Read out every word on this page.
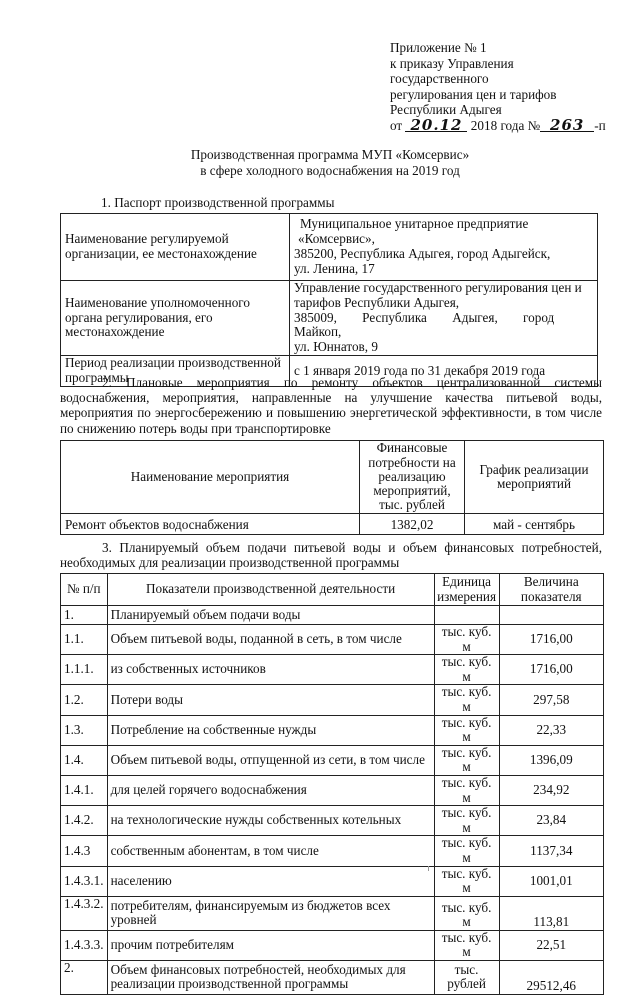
Приложение № 1
к приказу Управления
государственного
регулирования цен и тарифов
Республики Адыгея
от 20.12 2018 года № 263 -п
Производственная программа МУП «Комсервис»
в сфере холодного водоснабжения на 2019 год
1. Паспорт производственной программы
Наименование регулируемой организации, ее местонахождение	Муниципальное унитарное предприятие
«Комсервис»,
385200, Республика Адыгея, город Адыгейск,
ул. Ленина, 17

Наименование уполномоченного органа регулирования, его местонахождение	Управление государственного регулирования цен и
тарифов Республики Адыгея,
385009, Республика Адыгея, город Майкоп,
ул. Юннатов, 9

Период реализации производственной программы	с 1 января 2019 года по 31 декабря 2019 года
2. Плановые мероприятия по ремонту объектов централизованной системы водоснабжения, мероприятия, направленные на улучшение качества питьевой воды, мероприятия по энергосбережению и повышению энергетической эффективности, в том числе по снижению потерь воды при транспортировке
Наименование мероприятия	Финансовые потребности на реализацию мероприятий, тыс. рублей	График реализации мероприятий
Ремонт объектов водоснабжения	1382,02	май - сентябрь
3. Планируемый объем подачи питьевой воды и объем финансовых потребностей, необходимых для реализации производственной программы
№ п/п	Показатели производственной деятельности	Единица измерения	Величина показателя
1.	Планируемый объем подачи воды		
1.1.	Объем питьевой воды, поданной в сеть, в том числе	тыс. куб. м	1716,00
1.1.1.	из собственных источников	тыс. куб. м	1716,00
1.2.	Потери воды	тыс. куб. м	297,58
1.3.	Потребление на собственные нужды	тыс. куб. м	22,33
1.4.	Объем питьевой воды, отпущенной из сети, в том числе	тыс. куб. м	1396,09
1.4.1.	для целей горячего водоснабжения	тыс. куб. м	234,92
1.4.2.	на технологические нужды собственных котельных	тыс. куб. м	23,84
1.4.3	собственным абонентам, в том числе	тыс. куб. м	1137,34
1.4.3.1.	населению	тыс. куб. м	1001,01
1.4.3.2.	потребителям, финансируемым из бюджетов всех уровней	тыс. куб. м	113,81
1.4.3.3.	прочим потребителям	тыс. куб. м	22,51
2.	Объем финансовых потребностей, необходимых для реализации производственной программы	тыс. рублей	29512,46
